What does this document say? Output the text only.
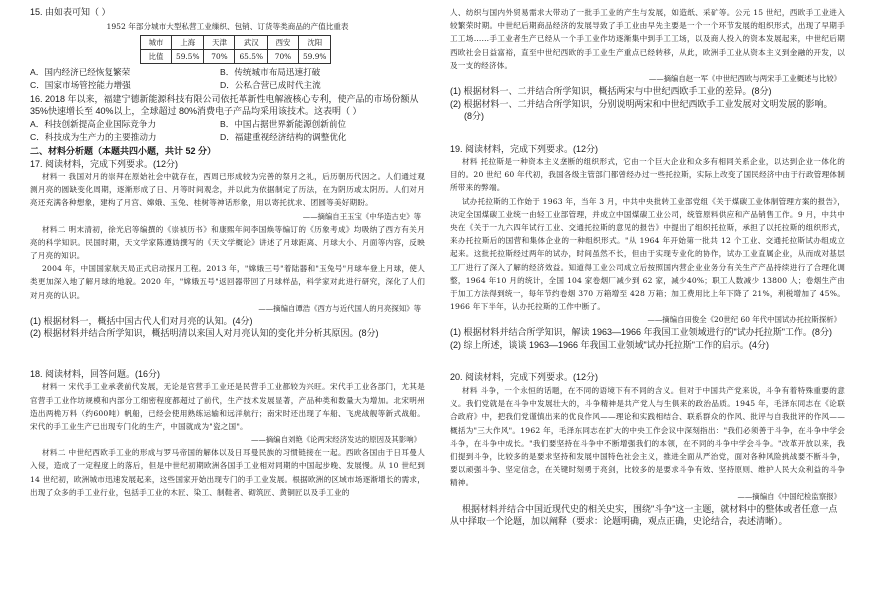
15. 由如表可知（ ）

1952 年部分城市大型私营工业缫织、包销、订货等类商品的产值比重表

城市	上海	天津	武汉	西安	沈阳
比值	59.5%	70%	65.5%	70%	59.9%
A．国内经济已经恢复繁荣	B．传统城市布局迅速打破
C．国家市场管控能力增强	D．公私合营已成时代主流

16. 2018 年以来，福建宁德新能源科技有限公司依托革新性电解液核心专利，使产品的市场份额从 35%快速增长至 40%以上，全球超过 80%消费电子产品均采用该技术。这表明（ ）

A．科技创新提高企业国际竞争力	B．中国占据世界新能源创新前位
C．科技成为生产力的主要推动力	D．福建重视经济结构的调整优化

二、材料分析题（本题共四小题，共计 52 分）

17. 阅读材料，完成下列要求。(12分)

材料一 我国对月的崇拜在原始社会中就存在，西周已形成较为完善的祭月之礼，后历朝历代因之。人们通过观测月亮的圆缺变化周期，逐渐形成了日、月等时间观念，并以此为依据制定了历法，在为阴历或太阴历。人们对月亮还充满各种想象，建构了月宫、嫦娥、玉兔、桂树等神话形象，用以寄托扰求、团圆等美好期盼。

——摘编自王玉宝《中华造古史》等

材料二 明末清初，徐光启等编撰的《崇祯历书》和康熙年间李国焕等编订的《历象考成》均吸纳了西方有关月亮的科学知识。民国时期，天文学家陈遵妫撰写的《天文学概论》讲述了月球距离、月球大小、月面等内容，反映了月亮的知识。

2004 年，中国国家航天局正式启动探月工程。2013 年，"嫦娥三号"着陆器和"玉兔号"月球车登上月球，使人类更加深入地了解月球的地貌。2020 年，"嫦娥五号"返回器带回了月球样品，科学家对此进行研究，深化了人们对月亮的认识。

——摘编自谭浩《西方与近代国人的月亮探知》等

(1) 根据材料一，概括中国古代人们对月亮的认知。(4分)

(2) 根据材料并结合所学知识，概括明清以来国人对月亮认知的变化并分析其原因。(8分)

18. 阅读材料，回答问题。(16分)

材料一 宋代手工业承袭前代发展，无论是官营手工业还是民营手工业都较为兴旺。宋代手工业各部门，尤其是官营手工业作坊规模和内部分工细密程度都超过了前代，生产技术发展显著，产品种类和数量大为增加。北宋明州造出两桅万料（约600吨）帆船，已经会使用熟练运输和远洋航行；南宋时还出现了车船、飞虎战舰等新式战船。宋代的手工业生产已出现专门化的生产，中国就成为"瓷之国"。

——摘编自刘艳《论两宋经济发达的原因及其影响》

材料二 中世纪西欧手工业的形成与罗马帝国的解体以及日耳曼民族的习惯链接在一起。西欧各国由于日耳曼人入侵，造成了一定程度上的落后，但是中世纪初期欧洲各国手工业相对同期的中国起步晚、发展慢。从 10 世纪到 14 世纪初，欧洲城市迅速发展起来，这些国家开始出现专门的手工业发展。根据欧洲的区域市场逐渐增长的需求，出现了众多的手工业行业，包括手工业的木匠、染工、制鞋者、砌筑匠、黄铜匠以及手工业的

人、纺织与国内外贸易需求大带动了一批手工业的产生与发展，如造纸、采矿等。公元 15 世纪，西欧手工业进入较繁荣时期。中世纪后期商品经济的发展导致了手工业由早先主要是一个一个环节发展的组织形式，出现了早期手工工场……手工业者生产已经从一个手工业作坊逐渐集中到手工工场，以及商人投入的资本发展起来，中世纪后期西欧社会日益富裕，直至中世纪西欧的手工业生产重点已经转移，从此，欧洲手工业从资本主义到金融的开发，以及一支的经济体。

——摘编自赵一军《中世纪西欧与两宋手工业概述与比较》

(1) 根据材料一、二并结合所学知识，概括两宋与中世纪西欧手工业的差异。(8分)

(2) 根据材料一、二并结合所学知识，分别说明两宋和中世纪西欧手工业发展对文明发展的影响。

(8分)

19. 阅读材料，完成下列要求。(12分)

材料 托拉斯是一种资本主义垄断的组织形式，它由一个巨大企业和众多有相同关系企业，以达到企业一体化的目的。20 世纪 60 年代初，我国各级主管部门都曾经办过一些托拉斯，实际上改变了国民经济中由于行政管理体制所带来的弊端。

试办托拉斯的工作始于 1963 年，当年 3 月，中共中央批转工业部党组《关于煤碳工业体制管理方案的报告》，决定全国煤碳工业统一由轻工业部管理，并成立中国煤碳工业公司，统管原料供应和产品销售工作。9 月，中共中央在《关于一九六四年试行工业、交通托拉斯的意见的报告》中提出了组织托拉斯，承担了以托拉斯的组织形式，来办托拉斯后的国营和集体企业的一种组织形式。"从 1964 年开始第一批共 12 个工业、交通托拉斯试办组成立起来。这批托拉斯经过两年的试办，时间虽然不长，但由于实现专业化的协作，试办工业直属企业，从而成对基层工厂进行了深入了解的经济效益。知道得工业公司成立后按照国内营企业业务分有关生产产品持续进行了合理化调整，1964 年10 月的统计，全国 104 家卷烟厂减少到 62 家，减少40%；职工人数减少 13800 人；卷烟生产由于加工方法得到统一，每年节约卷烟 370 万箱增至 428 万箱；加工费用比上年下降了 21%，利税增加了 45%。1966 年下半年，认办托拉斯的工作中断了。

——摘编自田俊全《20世纪 60 年代中国试办托拉斯探析》

(1) 根据材料并结合所学知识，解读 1963—1966 年我国工业领域进行的"试办托拉斯"工作。(8分)

(2) 综上所述，谈谈 1963—1966 年我国工业领域"试办托拉斯"工作的启示。(4分)

20. 阅读材料，完成下列要求。(12分)

材料 斗争，一个永恒的话题，在不同的语境下有不同的含义。但对于中国共产党来说，斗争有着特殊重要的意义。我们党就是在斗争中发展壮大的，斗争精神是共产党人与生俱来的政治品质。1945 年，毛泽东同志在《论联合政府》中，把我们党谨慎出来的优良作风——理论和实践相结合、联系群众的作风、批评与自我批评的作风——概括为"三大作风"。1962 年，毛泽东同志在扩大的中央工作会议中深刻指出："我们必须善于斗争，在斗争中学会斗争，在斗争中成长。"我们要坚持在斗争中不断增强我们的本领，在不同的斗争中学会斗争。"改革开放以来，我们提到斗争，比较多的是要求坚持和发展中国特色社会主义，推进全面从严治党，面对各种风险挑战要不断斗争，要以顽强斗争、坚定信念，在关键时刻勇于亮剑，比较多的是要求斗争有效、坚持原则、维护人民大众利益的斗争精神。

——摘编自《中国纪检监察报》

根据材料并结合中国近现代史的相关史实，围绕"斗争"这一主题，就材料中的整体或者任意一点从中择取一个论题，加以阐释（要求：论题明确，观点正确，史论结合，表述清晰）。
